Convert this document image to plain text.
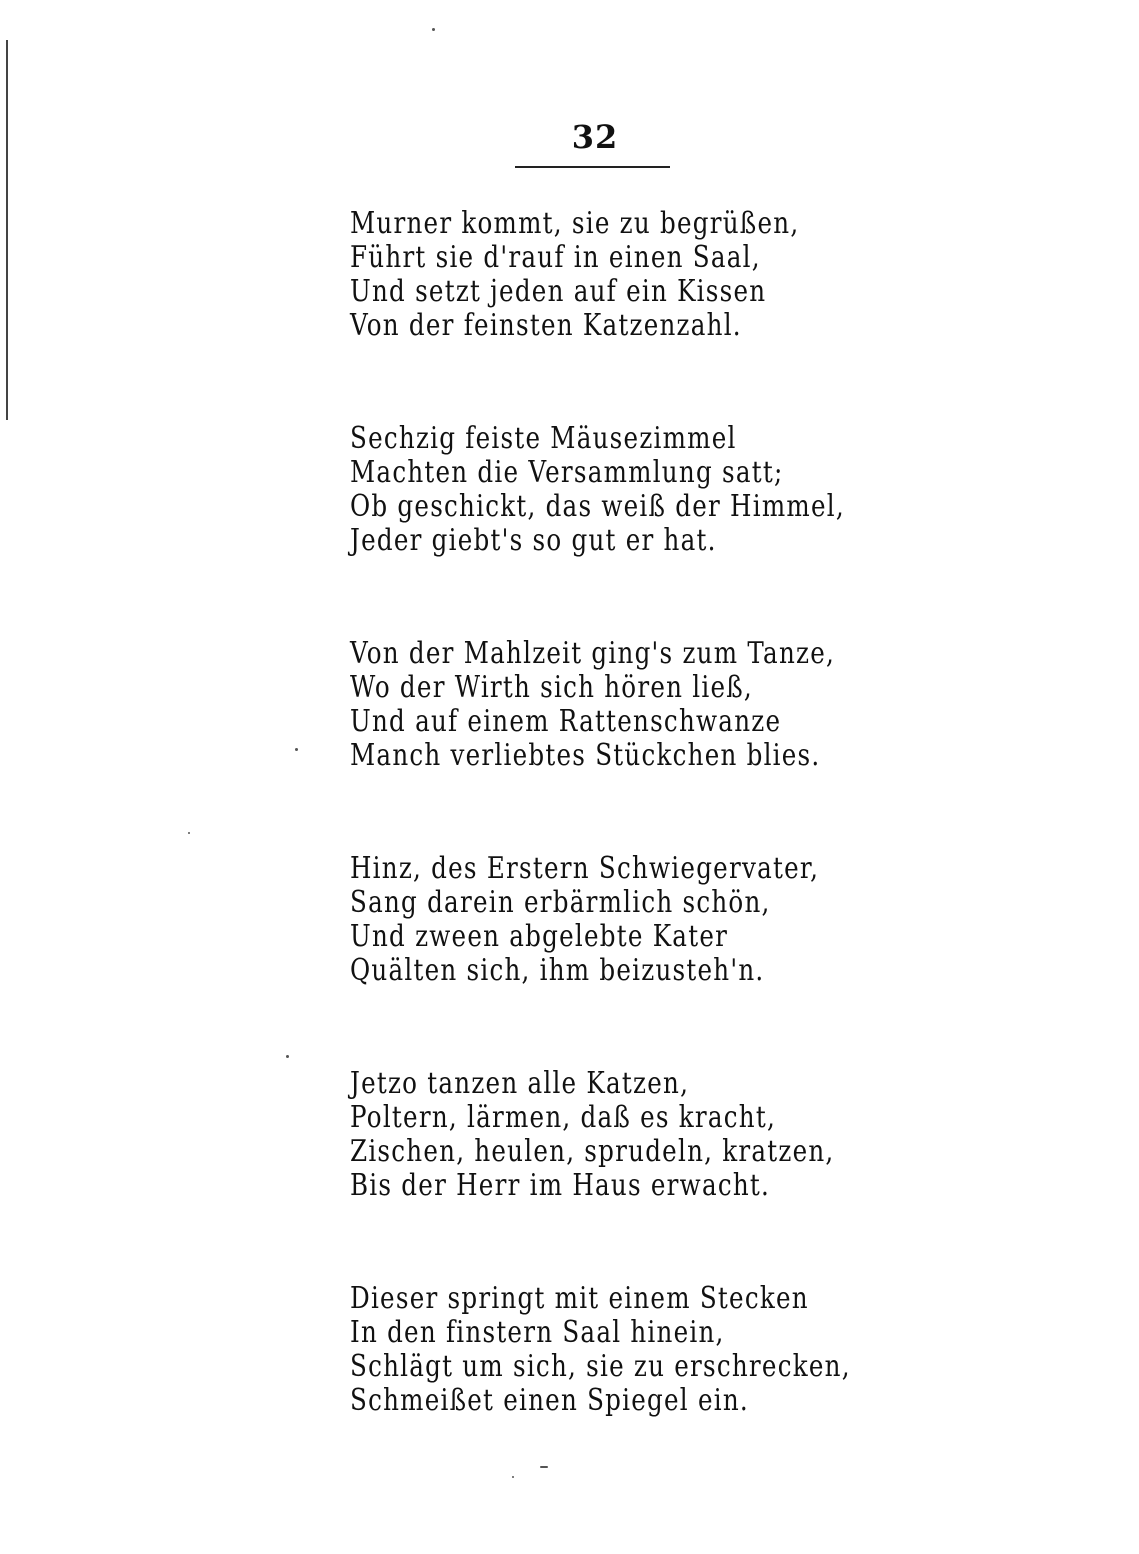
32
Murner kommt, sie zu begrüßen,
Führt sie d'rauf in einen Saal,
Und setzt jeden auf ein Kissen
Von der feinsten Katzenzahl.
Sechzig feiste Mäusezimmel
Machten die Versammlung satt;
Ob geschickt, das weiß der Himmel,
Jeder giebt's so gut er hat.
Von der Mahlzeit ging's zum Tanze,
Wo der Wirth sich hören ließ,
Und auf einem Rattenschwanze
Manch verliebtes Stückchen blies.
Hinz, des Erstern Schwiegervater,
Sang darein erbärmlich schön,
Und zween abgelebte Kater
Quälten sich, ihm beizusteh'n.
Jetzo tanzen alle Katzen,
Poltern, lärmen, daß es kracht,
Zischen, heulen, sprudeln, kratzen,
Bis der Herr im Haus erwacht.
Dieser springt mit einem Stecken
In den finstern Saal hinein,
Schlägt um sich, sie zu erschrecken,
Schmeißet einen Spiegel ein.
